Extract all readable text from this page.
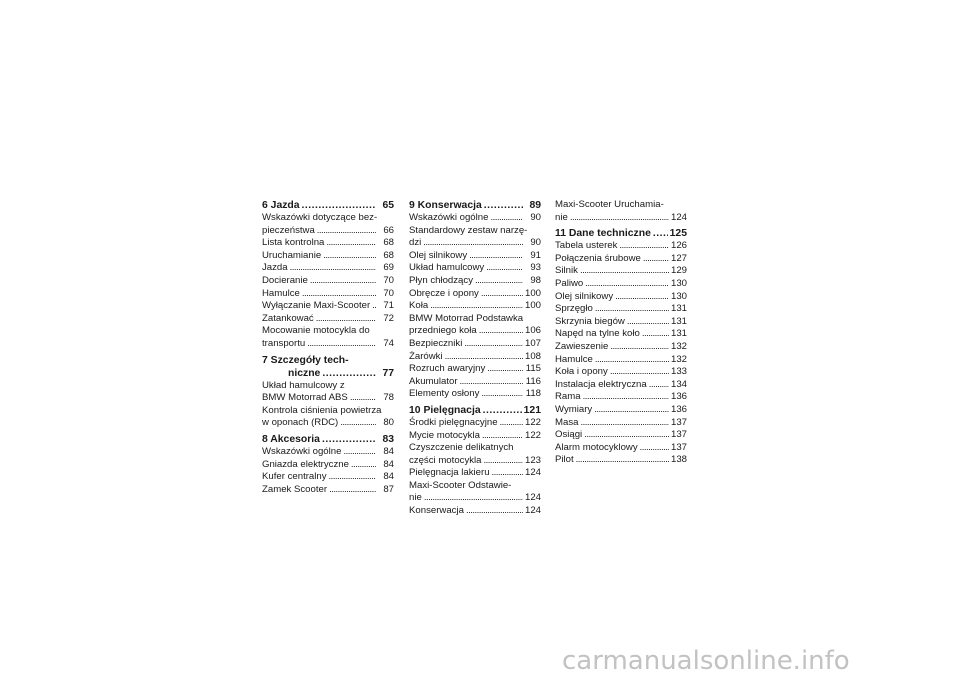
6 Jazda . . .	65
Wskazówki dotyczące bez-
pieczeństwa . . .	66
Lista kontrolna . . .	68
Uruchamianie . . .	68
Jazda . . .	69
Docieranie . . .	70
Hamulce . . .	70
Wyłączanie Maxi-Scooter . . .	71
Zatankować . . .	72
Mocowanie motocykla do
transportu . . .	74
7 Szczegóły tech-
niczne . . .	77
Układ hamulcowy z
BMW Motorrad ABS . . .	78
Kontrola ciśnienia powietrza
w oponach (RDC) . . .	80
8 Akcesoria . . .	83
Wskazówki ogólne . . .	84
Gniazda elektryczne . . .	84
Kufer centralny . . .	84
Zamek Scooter . . .	87
9 Konserwacja . . .	89
Wskazówki ogólne . . .	90
Standardowy zestaw narzę-
dzi . . .	90
Olej silnikowy . . .	91
Układ hamulcowy . . .	93
Płyn chłodzący . . .	98
Obręcze i opony . . .	100
Koła . . .	100
BMW Motorrad Podstawka
przedniego koła . . .	106
Bezpieczniki . . .	107
Żarówki . . .	108
Rozruch awaryjny . . .	115
Akumulator . . .	116
Elementy osłony . . .	118
10 Pielęgnacja . . .	121
Środki pielęgnacyjne . . .	122
Mycie motocykla . . .	122
Czyszczenie delikatnych
części motocykla . . .	123
Pielęgnacja lakieru . . .	124
Maxi-Scooter Odstawie-
nie . . .	124
Konserwacja . . .	124
Maxi-Scooter Uruchamia-
nie . . .	124
11 Dane techniczne . . . 125
Tabela usterek . . .	126
Połączenia śrubowe . . .	127
Silnik . . .	129
Paliwo . . .	130
Olej silnikowy . . .	130
Sprzęgło . . .	131
Skrzynia biegów . . .	131
Napęd na tylne koło . . .	131
Zawieszenie . . .	132
Hamulce . . .	132
Koła i opony . . .	133
Instalacja elektryczna . . .	134
Rama . . .	136
Wymiary . . .	136
Masa . . .	137
Osiągi . . .	137
Alarm motocyklowy . . .	137
Pilot . . .	138
carmanualsonline.info
